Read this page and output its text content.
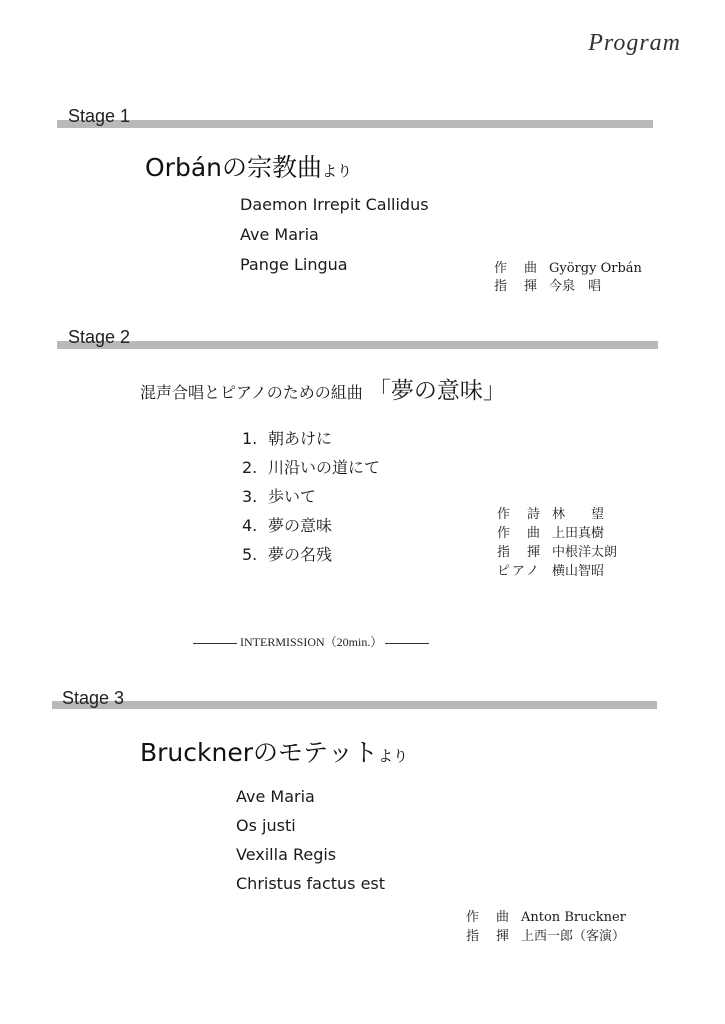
Program
Stage 1
Orbánの宗教曲より
Daemon Irrepit Callidus
Ave Maria
Pange Lingua	作　曲 György Orbán
指　揮 今泉　唱
Stage 2
混声合唱とピアノのための組曲 「夢の意味」
1. 朝あけに
2. 川沿いの道にて
3. 歩いて
4. 夢の意味
5. 夢の名残
作　詩 林　　望
作　曲 上田真樹
指　揮 中根洋太朗
ピアノ 横山智昭
INTERMISSION（20min.）
Stage 3
Brucknerのモテットより
Ave Maria
Os justi
Vexilla Regis
Christus factus est
作　曲 Anton Bruckner
指　揮 上西一郎（客演）
